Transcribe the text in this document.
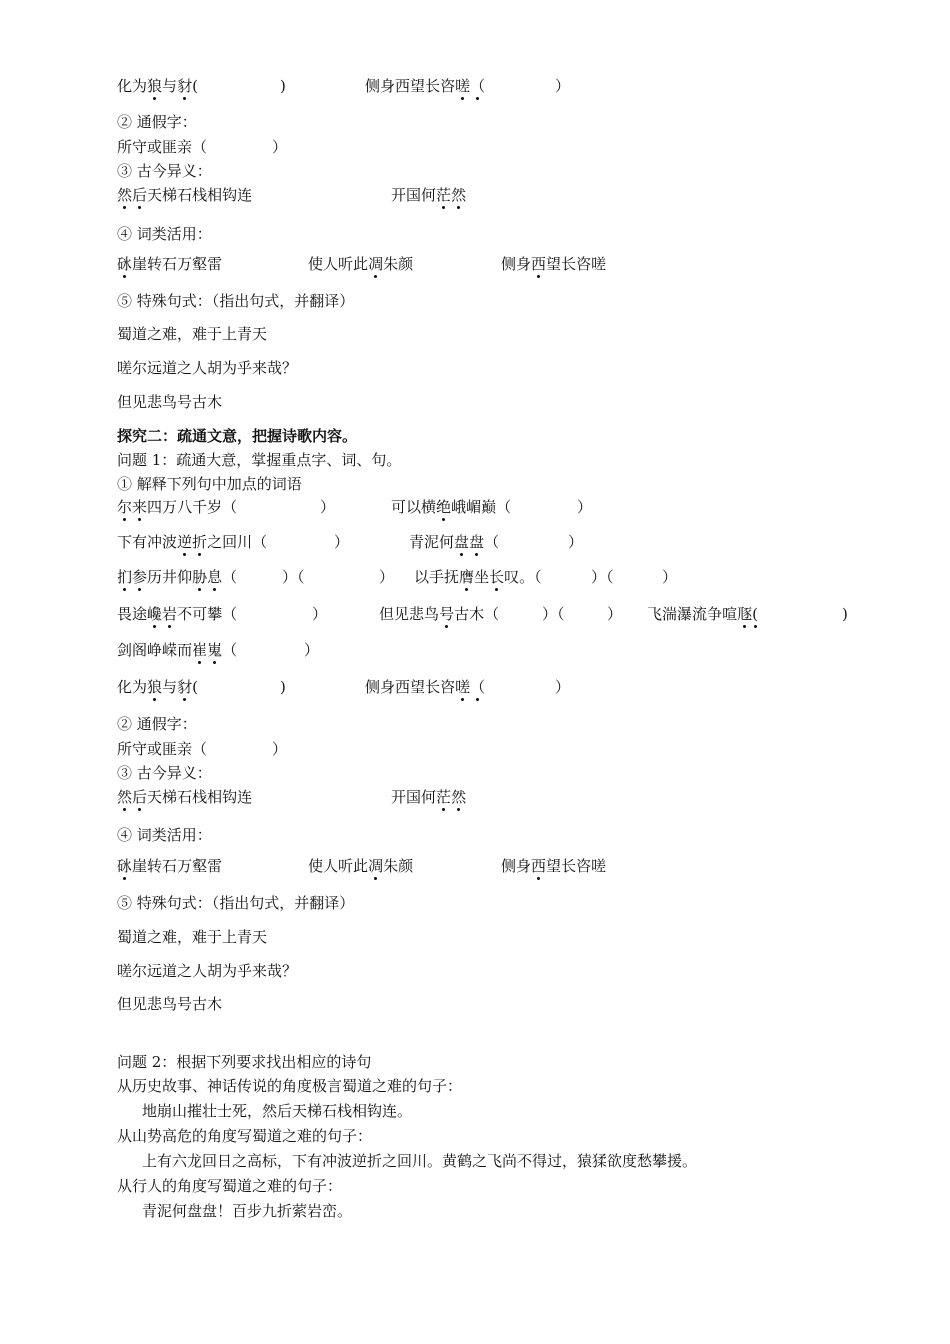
化为狼与豺(	)	侧身西望长咨嗟（	）
② 通假字：
所守或匪亲（	）
③ 古今异义：
然后天梯石栈相钩连	开国何茫然
④ 词类活用：
砯崖转石万壑雷	使人听此凋朱颜	侧身西望长咨嗟
⑤ 特殊句式：（指出句式，并翻译）
蜀道之难，难于上青天
嗟尔远道之人胡为乎来哉？
但见悲鸟号古木
探究二：疏通文意，把握诗歌内容。
问题 1：疏通大意，掌握重点字、词、句。
① 解释下列句中加点的词语
尔来四万八千岁（	）	可以横绝峨嵋巅（	）
下有冲波逆折之回川（	）	青泥何盘盘（	）
扪参历井仰胁息（	）（	） 以手抚膺坐长叹。（	）（	）
畏途巉岩不可攀（	）	但见悲鸟号古木（	）（	） 飞湍瀑流争喧豗(	)
剑阁峥嵘而崔嵬（	）
化为狼与豺(	)	侧身西望长咨嗟（	）
② 通假字：
所守或匪亲（	）
③ 古今异义：
然后天梯石栈相钩连	开国何茫然
④ 词类活用：
砯崖转石万壑雷	使人听此凋朱颜	侧身西望长咨嗟
⑤ 特殊句式：（指出句式，并翻译）
蜀道之难，难于上青天
嗟尔远道之人胡为乎来哉？
但见悲鸟号古木
问题 2：根据下列要求找出相应的诗句
从历史故事、神话传说的角度极言蜀道之难的句子：
地崩山摧壮士死，然后天梯石栈相钩连。
从山势高危的角度写蜀道之难的句子：
上有六龙回日之高标，下有冲波逆折之回川。黄鹤之飞尚不得过，猿猱欲度愁攀援。
从行人的角度写蜀道之难的句子：
青泥何盘盘！百步九折萦岩峦。
